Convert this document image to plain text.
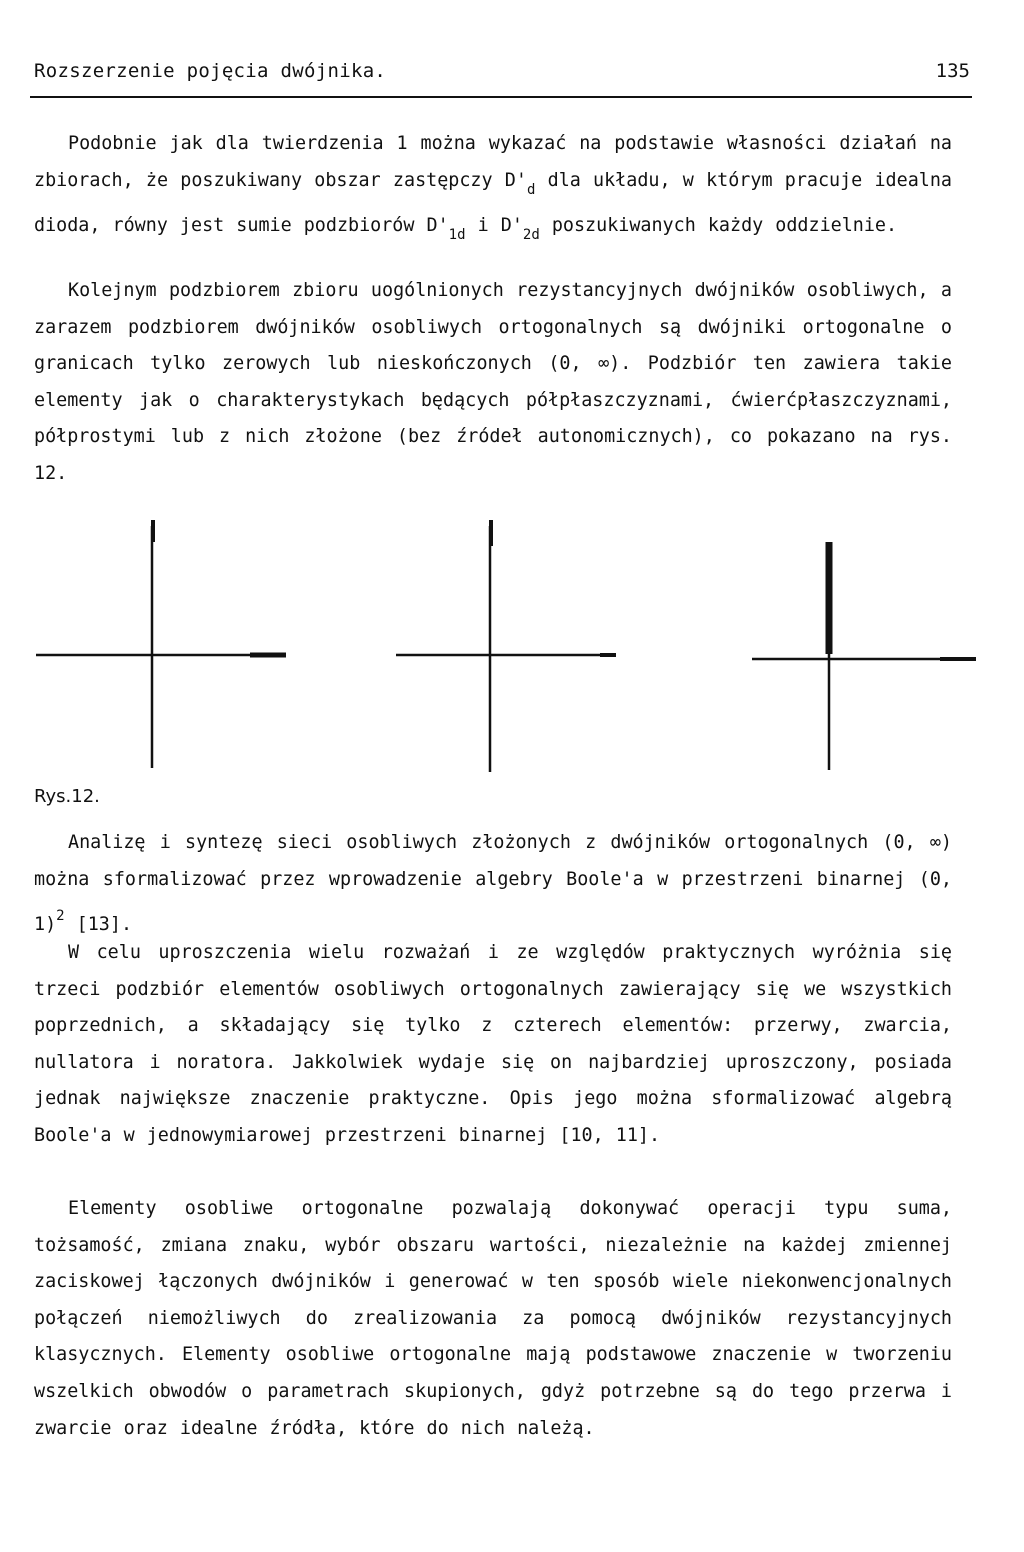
Rozszerzenie pojęcia dwójnika.	135
Podobnie jak dla twierdzenia 1 można wykazać na podstawie własności działań na zbiorach, że poszukiwany obszar zastępczy $D'_d$ dla układu, w którym pracuje idealna dioda, równy jest sumie podzbiorów $D'_{1d}$ i $D'_{2d}$ poszukiwanych każdy oddzielnie.
Kolejnym podzbiorem zbioru uogólnionych rezystancyjnych dwójników osobliwych, a zarazem podzbiorem dwójników osobliwych ortogonalnych są dwójniki ortogonalne o granicach tylko zerowych lub nieskończonych (0, ∞). Podzbiór ten zawiera takie elementy jak o charakterystykach będących półpłaszczyznami, ćwierćpłaszczyznami, półprostymi lub z nich złożone (bez źródeł autonomicznych), co pokazano na rys. 12.
Rys.12.
Analizę i syntezę sieci osobliwych złożonych z dwójników ortogonalnych (0, ∞) można sformalizować przez wprowadzenie algebry Boole'a w przestrzeni binarnej (0, 1)$^2$ [13].
W celu uproszczenia wielu rozważań i ze względów praktycznych wyróżnia się trzeci podzbiór elementów osobliwych ortogonalnych zawierający się we wszystkich poprzednich, a składający się tylko z czterech elementów: przerwy, zwarcia, nullatora i noratora. Jakkolwiek wydaje się on najbardziej uproszczony, posiada jednak największe znaczenie praktyczne. Opis jego można sformalizować algebrą Boole'a w jednowymiarowej przestrzeni binarnej [10, 11].
Elementy osobliwe ortogonalne pozwalają dokonywać operacji typu suma, tożsamość, zmiana znaku, wybór obszaru wartości, niezależnie na każdej zmiennej zaciskowej łączonych dwójników i generować w ten sposób wiele niekonwencjonalnych połączeń niemożliwych do zrealizowania za pomocą dwójników rezystancyjnych klasycznych. Elementy osobliwe ortogonalne mają podstawowe znaczenie w tworzeniu wszelkich obwodów o parametrach skupionych, gdyż potrzebne są do tego przerwa i zwarcie oraz idealne źródła, które do nich należą.
